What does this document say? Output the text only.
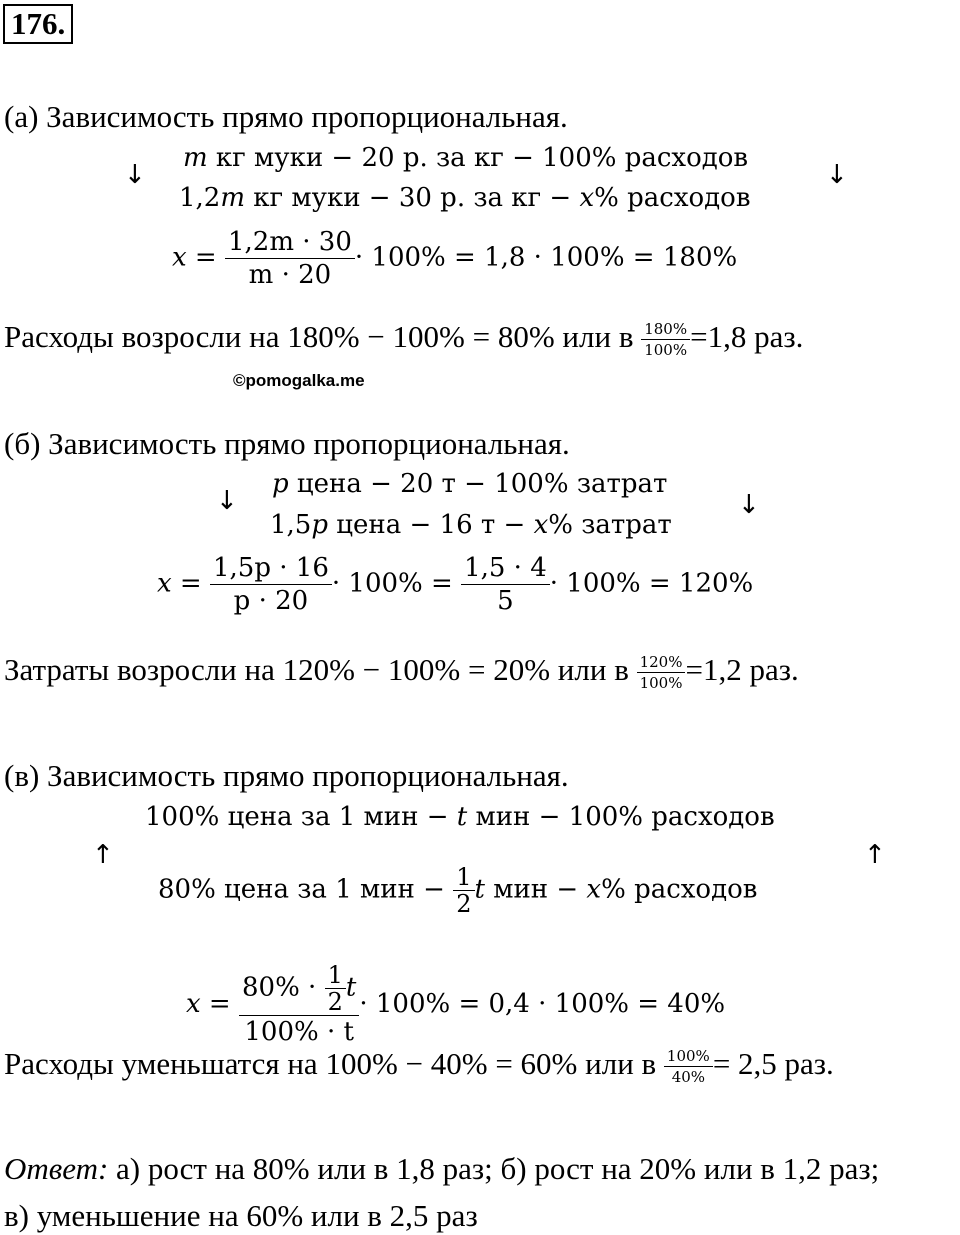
176.
(а) Зависимость прямо пропорциональная.
↓	↓
m кг муки − 20 р. за кг − 100% расходов
1,2m кг муки − 30 р. за кг − x% расходов
$x = \frac{1,2m \cdot 30}{m \cdot 20} \cdot 100\% = 1,8 \cdot 100\% = 180\%$
Расходы возросли на 180% − 100% = 80% или в $\frac{180\%}{100\%} =1,8$ раз.
©pomogalka.me
(б) Зависимость прямо пропорциональная.
↓	↓
p цена − 20 т − 100% затрат
1,5p цена − 16 т − x% затрат
$x = \frac{1,5p \cdot 16}{p \cdot 20} \cdot 100\% = \frac{1,5 \cdot 4}{5} \cdot 100\% = 120\%$
Затраты возросли на 120% − 100% = 20% или в $\frac{120\%}{100\%} =1,2$ раз.
(в) Зависимость прямо пропорциональная.
↑	↑
100% цена за 1 мин − t мин − 100% расходов
80% цена за 1 мин − $\frac{1}{2}$ t мин − x% расходов
$x = \frac{80\% \cdot \frac{1}{2} t}{100\% \cdot t} \cdot 100\% = 0,4 \cdot 100\% = 40\%$
Расходы уменьшатся на 100% − 40% = 60% или в $\frac{100\%}{40\%} = 2,5$ раз.
Ответ: а) рост на 80% или в 1,8 раз; б) рост на 20% или в 1,2 раз;
в) уменьшение на 60% или в 2,5 раз
